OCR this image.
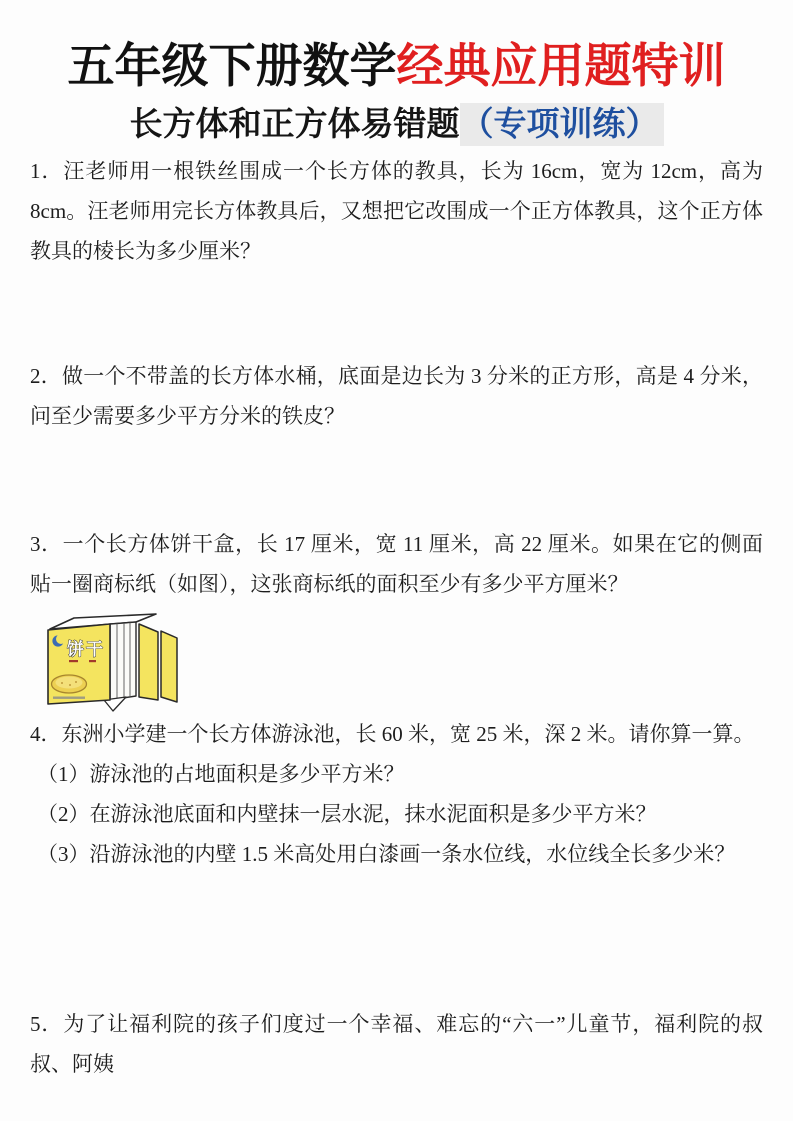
五年级下册数学经典应用题特训
长方体和正方体易错题（专项训练）

1．汪老师用一根铁丝围成一个长方体的教具，长为 16cm，宽为 12cm，高为 8cm。汪老师用完长方体教具后，又想把它改围成一个正方体教具，这个正方体教具的棱长为多少厘米？

2．做一个不带盖的长方体水桶，底面是边长为 3 分米的正方形，高是 4 分米，问至少需要多少平方分米的铁皮？

3．一个长方体饼干盒，长 17 厘米，宽 11 厘米，高 22 厘米。如果在它的侧面贴一圈商标纸（如图），这张商标纸的面积至少有多少平方厘米？

饼干

4．东洲小学建一个长方体游泳池，长 60 米，宽 25 米，深 2 米。请你算一算。

（1）游泳池的占地面积是多少平方米？

（2）在游泳池底面和内壁抹一层水泥，抹水泥面积是多少平方米？

（3）沿游泳池的内壁 1.5 米高处用白漆画一条水位线，水位线全长多少米？

5．为了让福利院的孩子们度过一个幸福、难忘的“六一”儿童节，福利院的叔叔、阿姨
